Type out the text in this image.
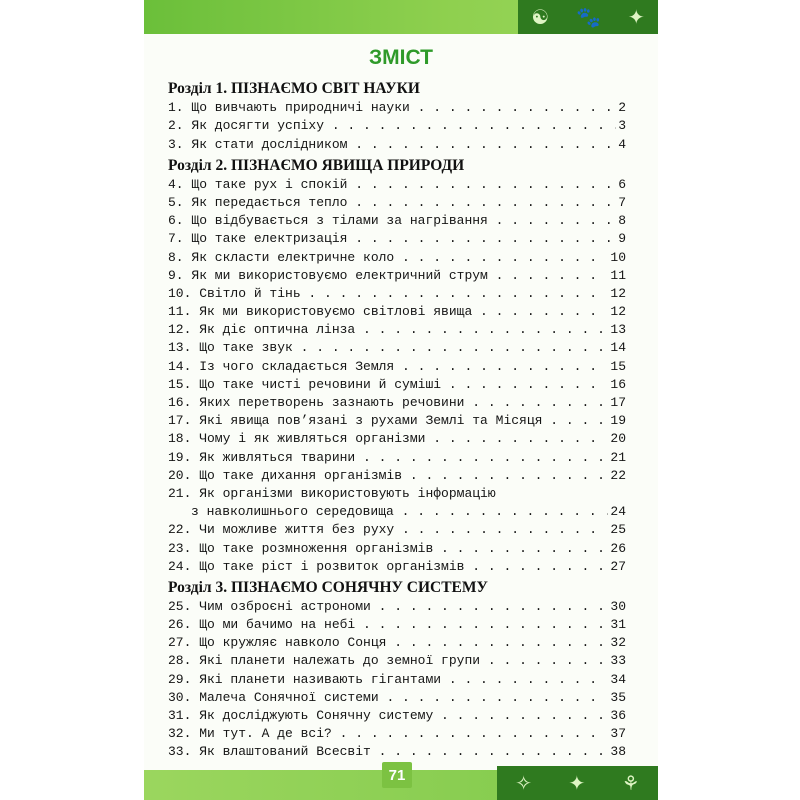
☯ 🐾 ✦
ЗМІСТ
Розділ 1. ПІЗНАЄМО СВІТ НАУКИ
1. Що вивчають природничі науки . . .	2
2. Як досягти успіху . . .	3
3. Як стати дослідником . . .	4
Розділ 2. ПІЗНАЄМО ЯВИЩА ПРИРОДИ
4. Що таке рух і спокій . . .	6
5. Як передається тепло . . .	7
6. Що відбувається з тілами за нагрівання . . .	8
7. Що таке електризація . . .	9
8. Як скласти електричне коло . . .	10
9. Як ми використовуємо електричний струм . . .	11
10. Світло й тінь . . .	12
11. Як ми використовуємо світлові явища . . .	12
12. Як діє оптична лінза . . .	13
13. Що таке звук . . .	14
14. Із чого складається Земля . . .	15
15. Що таке чисті речовини й суміші . . .	16
16. Яких перетворень зазнають речовини . . .	17
17. Які явища пов’язані з рухами Землі та Місяця . . .	19
18. Чому і як живляться організми . . .	20
19. Як живляться тварини . . .	21
20. Що таке дихання організмів . . .	22
21. Як організми використовують інформацію
з навколишнього середовища . . .	24
22. Чи можливе життя без руху . . .	25
23. Що таке розмноження організмів . . .	26
24. Що таке ріст і розвиток організмів . . .	27
Розділ 3. ПІЗНАЄМО СОНЯЧНУ СИСТЕМУ
25. Чим озброєні астрономи . . .	30
26. Що ми бачимо на небі . . .	31
27. Що кружляє навколо Сонця . . .	32
28. Які планети належать до земної групи . . .	33
29. Які планети називають гігантами . . .	34
30. Малеча Сонячної системи . . .	35
31. Як досліджують Сонячну систему . . .	36
32. Ми тут. А де всі? . . .	37
33. Як влаштований Всесвіт . . .	38
✧ ✦ ⚘
71
